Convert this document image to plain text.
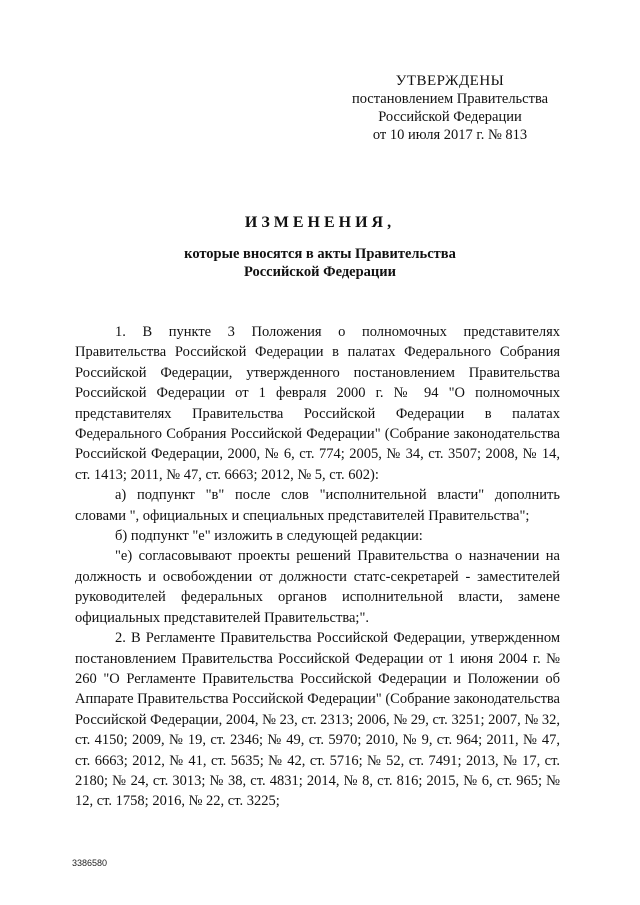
УТВЕРЖДЕНЫ
постановлением Правительства
Российской Федерации
от 10 июля 2017 г. № 813
ИЗМЕНЕНИЯ,
которые вносятся в акты Правительства
Российской Федерации

1. В пункте 3 Положения о полномочных представителях Правительства Российской Федерации в палатах Федерального Собрания Российской Федерации, утвержденного постановлением Правительства Российской Федерации от 1 февраля 2000 г. № 94 "О полномочных представителях Правительства Российской Федерации в палатах Федерального Собрания Российской Федерации" (Собрание законодательства Российской Федерации, 2000, № 6, ст. 774; 2005, № 34, ст. 3507; 2008, № 14, ст. 1413; 2011, № 47, ст. 6663; 2012, № 5, ст. 602):

а) подпункт "в" после слов "исполнительной власти" дополнить словами ", официальных и специальных представителей Правительства";

б) подпункт "е" изложить в следующей редакции:

"е) согласовывают проекты решений Правительства о назначении на должность и освобождении от должности статс-секретарей - заместителей руководителей федеральных органов исполнительной власти, замене официальных представителей Правительства;".

2. В Регламенте Правительства Российской Федерации, утвержденном постановлением Правительства Российской Федерации от 1 июня 2004 г. № 260 "О Регламенте Правительства Российской Федерации и Положении об Аппарате Правительства Российской Федерации" (Собрание законодательства Российской Федерации, 2004, № 23, ст. 2313; 2006, № 29, ст. 3251; 2007, № 32, ст. 4150; 2009, № 19, ст. 2346; № 49, ст. 5970; 2010, № 9, ст. 964; 2011, № 47, ст. 6663; 2012, № 41, ст. 5635; № 42, ст. 5716; № 52, ст. 7491; 2013, № 17, ст. 2180; № 24, ст. 3013; № 38, ст. 4831; 2014, № 8, ст. 816; 2015, № 6, ст. 965; № 12, ст. 1758; 2016, № 22, ст. 3225;

3386580
